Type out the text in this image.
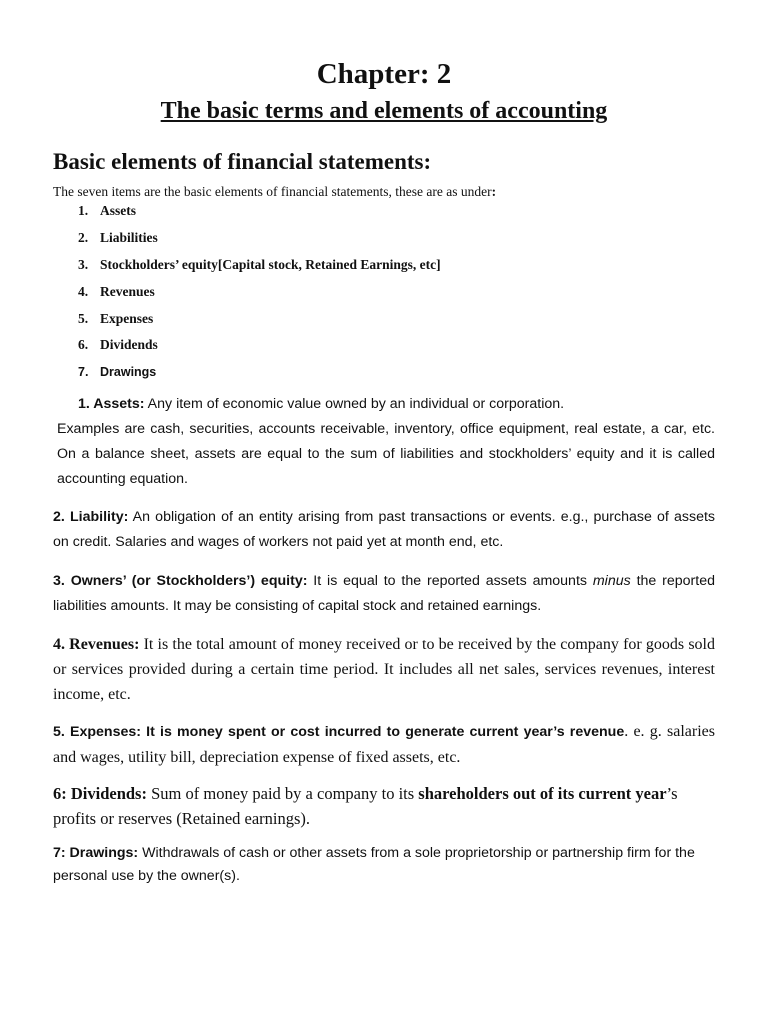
Chapter: 2
The basic terms and elements of accounting
Basic elements of financial statements:
The seven items are the basic elements of financial statements, these are as under:
1. Assets
2. Liabilities
3. Stockholders’ equity[Capital stock, Retained Earnings, etc]
4. Revenues
5. Expenses
6. Dividends
7. Drawings
1. Assets: Any item of economic value owned by an individual or corporation.
Examples are cash, securities, accounts receivable, inventory, office equipment, real estate, a car, etc. On a balance sheet, assets are equal to the sum of liabilities and stockholders’ equity and it is called accounting equation.
2. Liability: An obligation of an entity arising from past transactions or events. e.g., purchase of assets on credit. Salaries and wages of workers not paid yet at month end, etc.
3. Owners’ (or Stockholders’) equity: It is equal to the reported assets amounts minus the reported liabilities amounts. It may be consisting of capital stock and retained earnings.
4. Revenues: It is the total amount of money received or to be received by the company for goods sold or services provided during a certain time period. It includes all net sales, services revenues, interest income, etc.
5. Expenses: It is money spent or cost incurred to generate current year’s revenue. e. g. salaries and wages, utility bill, depreciation expense of fixed assets, etc.
6: Dividends: Sum of money paid by a company to its shareholders out of its current year’s profits or reserves (Retained earnings).
7: Drawings: Withdrawals of cash or other assets from a sole proprietorship or partnership firm for the personal use by the owner(s).
